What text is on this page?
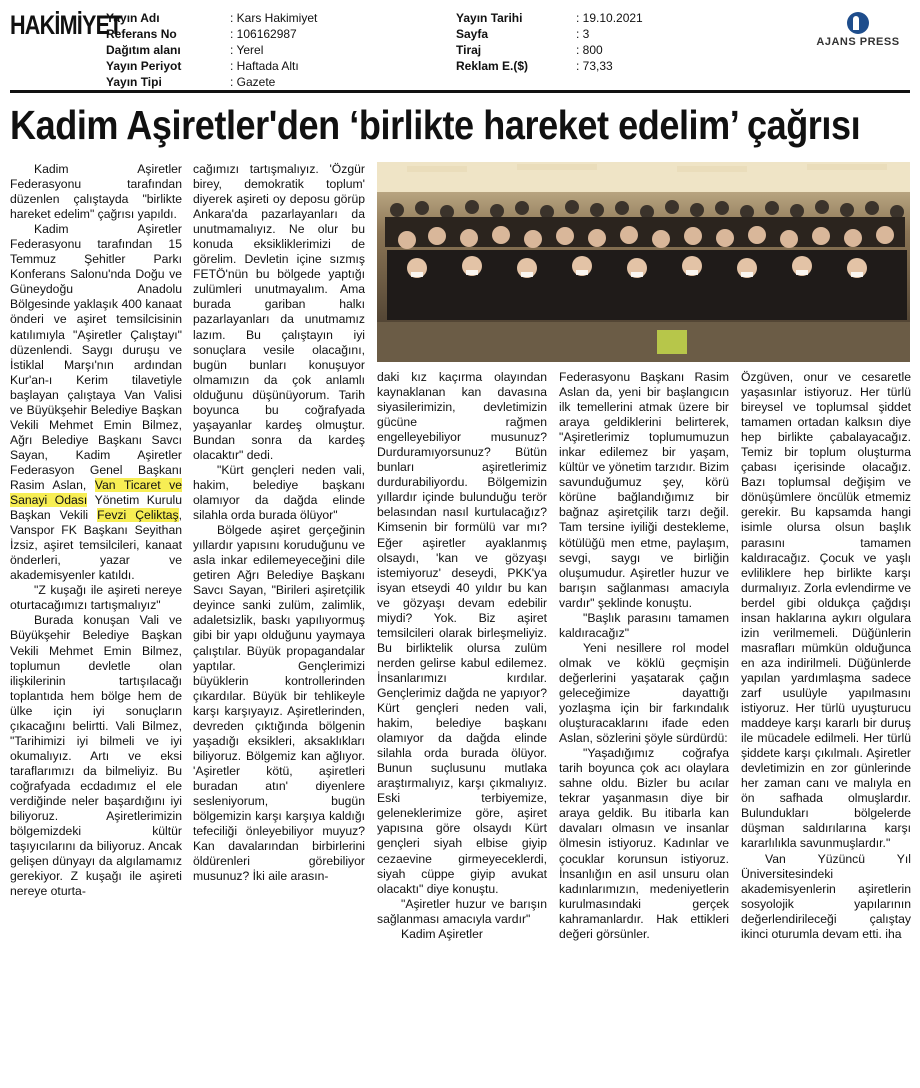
HAKİMİYET
Yayın Adı	: Kars Hakimiyet
Referans No	: 106162987
Dağıtım alanı	: Yerel
Yayın Periyot	: Haftada Altı
Yayın Tipi	: Gazete
Yayın Tarihi	: 19.10.2021
Sayfa	: 3
Tiraj	: 800
Reklam E.($)	: 73,33
AJANS PRESS
Kadim Aşiretler'den ‘birlikte hareket edelim’ çağrısı

Kadim Aşiretler Federasyonu tarafından düzenlen çalıştayda "birlikte hareket edelim" çağrısı yapıldı.

Kadim Aşiretler Federasyonu tarafından 15 Temmuz Şehitler Parkı Konferans Salonu'nda Doğu ve Güneydoğu Anadolu Bölgesinde yaklaşık 400 kanaat önderi ve aşiret temsilcisinin katılımıyla "Aşiretler Çalıştayı" düzenlendi. Saygı duruşu ve İstiklal Marşı'nın ardından Kur'an-ı Kerim tilavetiyle başlayan çalıştaya Van Valisi ve Büyükşehir Belediye Başkan Vekili Mehmet Emin Bilmez, Ağrı Belediye Başkanı Savcı Sayan, Kadim Aşiretler Federasyon Genel Başkanı Rasim Aslan, Van Ticaret ve Sanayi Odası Yönetim Kurulu Başkan Vekili Fevzi Çeliktaş, Vanspor FK Başkanı Seyithan İzsiz, aşiret temsilcileri, kanaat önderleri, yazar ve akademisyenler katıldı.

"Z kuşağı ile aşireti nereye oturtacağımızı tartışmalıyız"

Burada konuşan Vali ve Büyükşehir Belediye Başkan Vekili Mehmet Emin Bilmez, toplumun devletle olan ilişkilerinin tartışılacağı toplantıda hem bölge hem de ülke için iyi sonuçların çıkacağını belirtti. Vali Bilmez, "Tarihimizi iyi bilmeli ve iyi okumalıyız. Artı ve eksi taraflarımızı da bilmeliyiz. Bu coğrafyada ecdadımız el ele verdiğinde neler başardığını iyi biliyoruz. Aşiretlerimizin bölgemizdeki kültür taşıyıcılarını da biliyoruz. Ancak gelişen dünyayı da algılamamız gerekiyor. Z kuşağı ile aşireti nereye oturta-

cağımızı tartışmalıyız. 'Özgür birey, demokratik toplum' diyerek aşireti oy deposu görüp Ankara'da pazarlayanları da unutmamalıyız. Ne olur bu konuda eksikliklerimizi de görelim. Devletin içine sızmış FETÖ'nün bu bölgede yaptığı zulümleri unutmayalım. Ama burada gariban halkı pazarlayanları da unutmamız lazım. Bu çalıştayın iyi sonuçlara vesile olacağını, bugün bunları konuşuyor olmamızın da çok anlamlı olduğunu düşünüyorum. Tarih boyunca bu coğrafyada yaşayanlar kardeş olmuştur. Bundan sonra da kardeş olacaktır" dedi.

"Kürt gençleri neden vali, hakim, belediye başkanı olamıyor da dağda elinde silahla orda burada ölüyor"

Bölgede aşiret gerçeğinin yıllardır yapısını koruduğunu ve asla inkar edilemeyeceğini dile getiren Ağrı Belediye Başkanı Savcı Sayan, "Birileri aşiretçilik deyince sanki zulüm, zalimlik, adaletsizlik, baskı yapılıyormuş gibi bir yapı olduğunu yaymaya çalıştılar. Büyük propagandalar yaptılar. Gençlerimizi büyüklerin kontrollerinden çıkardılar. Büyük bir tehlikeyle karşı karşıyayız. Aşiretlerinden, devreden çıktığında bölgenin yaşadığı eksikleri, aksaklıkları biliyoruz. Bölgemiz kan ağlıyor. 'Aşiretler kötü, aşiretleri buradan atın' diyenlere sesleniyorum, bugün bölgemizin karşı karşıya kaldığı tefeciliği önleyebiliyor muyuz? Kan davalarından birbirlerini öldürenleri görebiliyor musunuz? İki aile arasın-

daki kız kaçırma olayından kaynaklanan kan davasına siyasilerimizin, devletimizin gücüne rağmen engelleyebiliyor musunuz? Durduramıyorsunuz? Bütün bunları aşiretlerimiz durdurabiliyordu. Bölgemizin yıllardır içinde bulunduğu terör belasından nasıl kurtulacağız? Kimsenin bir formülü var mı? Eğer aşiretler ayaklanmış olsaydı, 'kan ve gözyaşı istemiyoruz' deseydi, PKK'ya isyan etseydi 40 yıldır bu kan ve gözyaşı devam edebilir miydi? Yok. Biz aşiret temsilcileri olarak birleşmeliyiz. Bu birliktelik olursa zulüm nerden gelirse kabul edilemez. İnsanlarımızı kırdılar. Gençlerimiz dağda ne yapıyor? Kürt gençleri neden vali, hakim, belediye başkanı olamıyor da dağda elinde silahla orda burada ölüyor. Bunun suçlusunu mutlaka araştırmalıyız, karşı çıkmalıyız. Eski terbiyemize, geleneklerimize göre, aşiret yapısına göre olsaydı Kürt gençleri siyah elbise giyip cezaevine girmeyeceklerdi, siyah cüppe giyip avukat olacaktı" diye konuştu.

"Aşiretler huzur ve barışın sağlanması amacıyla vardır"

Kadim Aşiretler

Federasyonu Başkanı Rasim Aslan da, yeni bir başlangıcın ilk temellerini atmak üzere bir araya geldiklerini belirterek, "Aşiretlerimiz toplumumuzun inkar edilemez bir yaşam, kültür ve yönetim tarzıdır. Bizim savunduğumuz şey, körü körüne bağlandığımız bir bağnaz aşiretçilik tarzı değil. Tam tersine iyiliği destekleme, kötülüğü men etme, paylaşım, sevgi, saygı ve birliğin oluşumudur. Aşiretler huzur ve barışın sağlanması amacıyla vardır" şeklinde konuştu.

"Başlık parasını tamamen kaldıracağız"

Yeni nesillere rol model olmak ve köklü geçmişin değerlerini yaşatarak çağın geleceğimize dayattığı yozlaşma için bir farkındalık oluşturacaklarını ifade eden Aslan, sözlerini şöyle sürdürdü:

"Yaşadığımız coğrafya tarih boyunca çok acı olaylara sahne oldu. Bizler bu acılar tekrar yaşanmasın diye bir araya geldik. Bu itibarla kan davaları olmasın ve insanlar ölmesin istiyoruz. Kadınlar ve çocuklar korunsun istiyoruz. İnsanlığın en asil unsuru olan kadınlarımızın, medeniyetlerin kurulmasındaki gerçek kahramanlardır. Hak ettikleri değeri görsünler.

Özgüven, onur ve cesaretle yaşasınlar istiyoruz. Her türlü bireysel ve toplumsal şiddet tamamen ortadan kalksın diye hep birlikte çabalayacağız. Temiz bir toplum oluşturma çabası içerisinde olacağız. Bazı toplumsal değişim ve dönüşümlere öncülük etmemiz gerekir. Bu kapsamda hangi isimle olursa olsun başlık parasını tamamen kaldıracağız. Çocuk ve yaşlı evliliklere hep birlikte karşı durmalıyız. Zorla evlendirme ve berdel gibi oldukça çağdışı insan haklarına aykırı olgulara izin verilmemeli. Düğünlerin masrafları mümkün olduğunca en aza indirilmeli. Düğünlerde yapılan yardımlaşma sadece zarf usulüyle yapılmasını istiyoruz. Her türlü uyuşturucu maddeye karşı kararlı bir duruş ile mücadele edilmeli. Her türlü şiddete karşı çıkılmalı. Aşiretler devletimizin en zor günlerinde her zaman canı ve malıyla en ön safhada olmuşlardır. Bulundukları bölgelerde düşman saldırılarına karşı kararlılıkla savunmuşlardır."

Van Yüzüncü Yıl Üniversitesindeki akademisyenlerin aşiretlerin sosyolojik yapılarının değerlendirileceği çalıştay ikinci oturumla devam etti. iha
